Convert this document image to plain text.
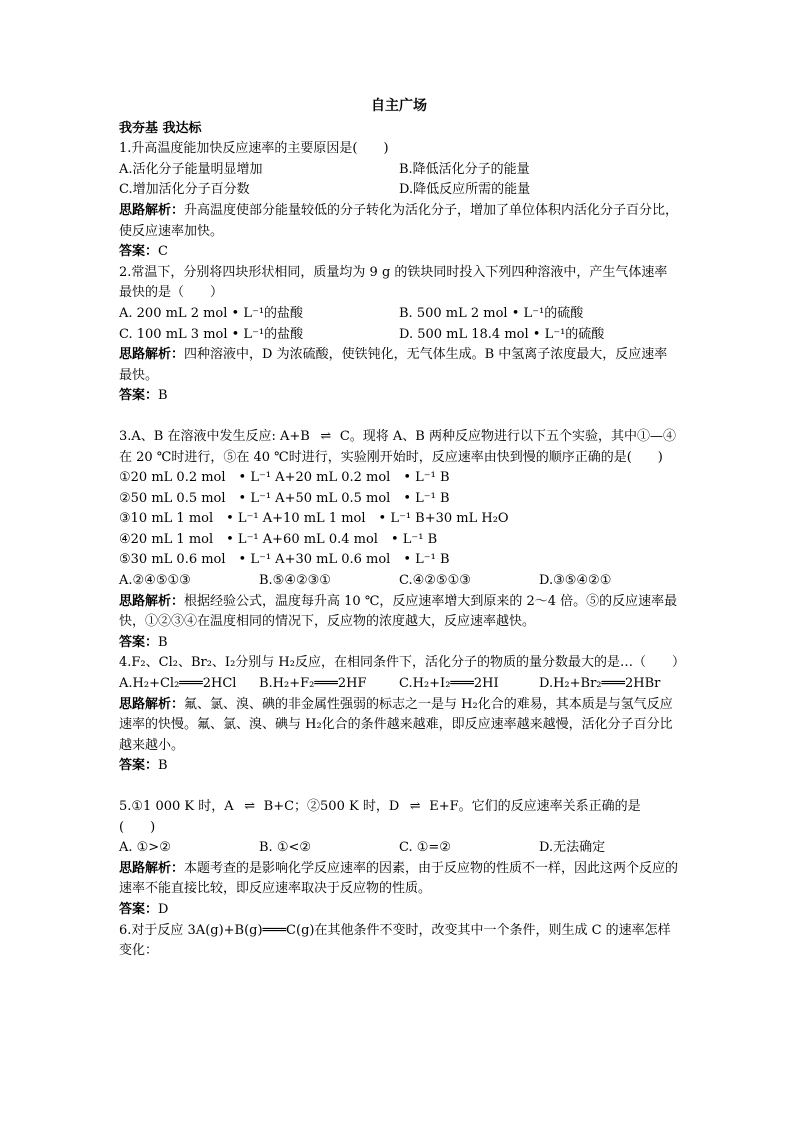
自主广场
我夯基 我达标
1.升高温度能加快反应速率的主要原因是(　　)
A.活化分子能量明显增加	B.降低活化分子的能量
C.增加活化分子百分数	D.降低反应所需的能量
思路解析：升高温度使部分能量较低的分子转化为活化分子，增加了单位体积内活化分子百分比，使反应速率加快。
答案：C
2.常温下，分别将四块形状相同，质量均为 9 g 的铁块同时投入下列四种溶液中，产生气体速率最快的是（　　）
A. 200 mL 2 mol • L⁻¹的盐酸	B. 500 mL 2 mol • L⁻¹的硫酸
C. 100 mL 3 mol • L⁻¹的盐酸	D. 500 mL 18.4 mol • L⁻¹的硫酸
思路解析：四种溶液中，D 为浓硫酸，使铁钝化，无气体生成。B 中氢离子浓度最大，反应速率最快。
答案：B
3.A、B 在溶液中发生反应: A+B ⇌ C。现将 A、B 两种反应物进行以下五个实验，其中①—④在 20 ℃时进行，⑤在 40 ℃时进行，实验刚开始时，反应速率由快到慢的顺序正确的是(　　)
①20 mL 0.2 mol　• L⁻¹ A+20 mL 0.2 mol　• L⁻¹ B
②50 mL 0.5 mol　• L⁻¹ A+50 mL 0.5 mol　• L⁻¹ B
③10 mL 1 mol　• L⁻¹ A+10 mL 1 mol　• L⁻¹ B+30 mL H₂O
④20 mL 1 mol　• L⁻¹ A+60 mL 0.4 mol　• L⁻¹ B
⑤30 mL 0.6 mol　• L⁻¹ A+30 mL 0.6 mol　• L⁻¹ B
A.②④⑤①③	B.⑤④②③①	C.④②⑤①③	D.③⑤④②①
思路解析：根据经验公式，温度每升高 10 ℃，反应速率增大到原来的 2～4 倍。⑤的反应速率最快，①②③④在温度相同的情况下，反应物的浓度越大，反应速率越快。
答案：B
4.F₂、Cl₂、Br₂、I₂分别与 H₂反应，在相同条件下，活化分子的物质的量分数最大的是…（　　）
A.H₂+Cl₂═══2HCl	B.H₂+F₂═══2HF	C.H₂+I₂═══2HI	D.H₂+Br₂═══2HBr
思路解析：氟、氯、溴、碘的非金属性强弱的标志之一是与 H₂化合的难易，其本质是与氢气反应速率的快慢。氟、氯、溴、碘与 H₂化合的条件越来越难，即反应速率越来越慢，活化分子百分比越来越小。
答案：B
5.①1 000 K 时，A ⇌ B+C；②500 K 时，D ⇌ E+F。它们的反应速率关系正确的是
(　　)
A. ①>②	B. ①<②	C. ①=②	D.无法确定
思路解析：本题考查的是影响化学反应速率的因素，由于反应物的性质不一样，因此这两个反应的速率不能直接比较，即反应速率取决于反应物的性质。
答案：D
6.对于反应 3A(g)+B(g)═══C(g)在其他条件不变时，改变其中一个条件，则生成 C 的速率怎样变化：
